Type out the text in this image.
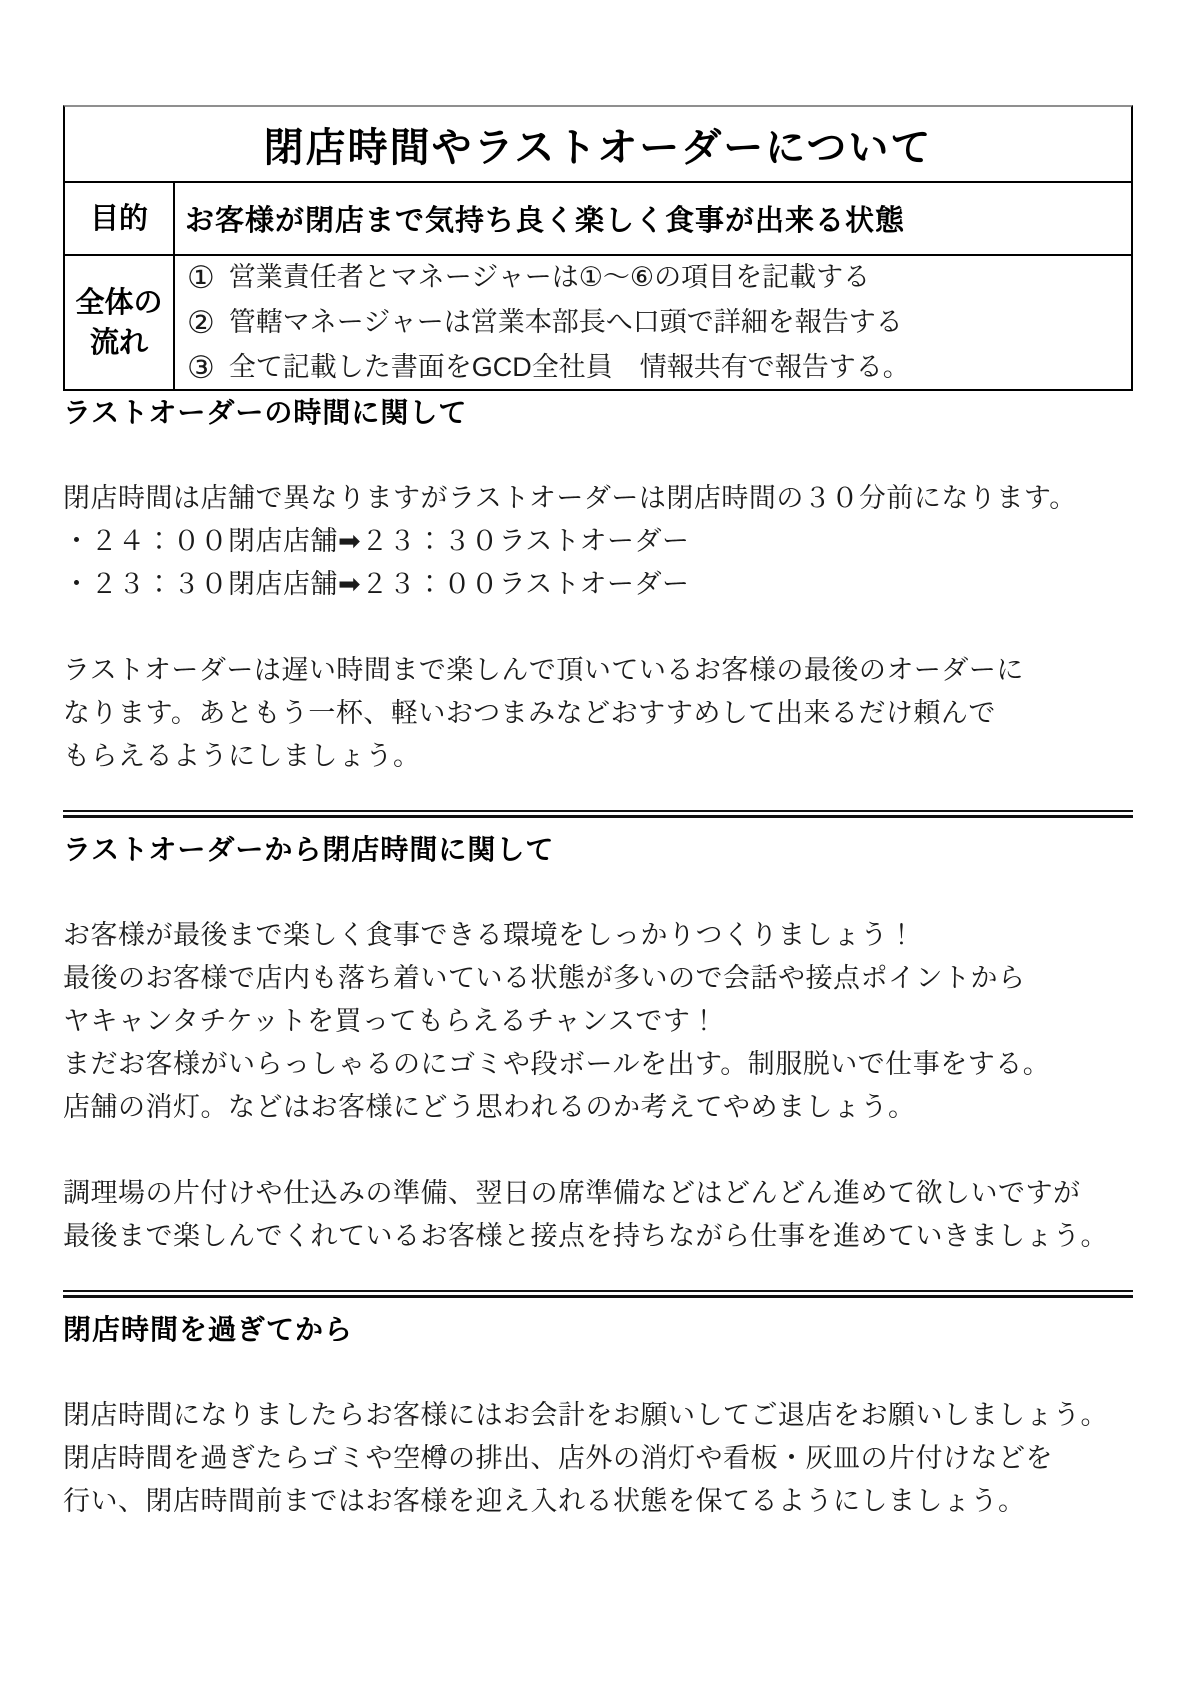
閉店時間やラストオーダーについて
目的	お客様が閉店まで気持ち良く楽しく食事が出来る状態
全体の
流れ
① 営業責任者とマネージャーは①～⑥の項目を記載する
② 管轄マネージャーは営業本部長へ口頭で詳細を報告する
③ 全て記載した書面をGCD全社員　情報共有で報告する。
ラストオーダーの時間に関して
閉店時間は店舗で異なりますがラストオーダーは閉店時間の３０分前になります。
・２４：００閉店店舗➡２３：３０ラストオーダー
・２３：３０閉店店舗➡２３：００ラストオーダー
ラストオーダーは遅い時間まで楽しんで頂いているお客様の最後のオーダーに
なります。あともう一杯、軽いおつまみなどおすすめして出来るだけ頼んで
もらえるようにしましょう。
ラストオーダーから閉店時間に関して
お客様が最後まで楽しく食事できる環境をしっかりつくりましょう！
最後のお客様で店内も落ち着いている状態が多いので会話や接点ポイントから
ヤキャンタチケットを買ってもらえるチャンスです！
まだお客様がいらっしゃるのにゴミや段ボールを出す。制服脱いで仕事をする。
店舗の消灯。などはお客様にどう思われるのか考えてやめましょう。
調理場の片付けや仕込みの準備、翌日の席準備などはどんどん進めて欲しいですが
最後まで楽しんでくれているお客様と接点を持ちながら仕事を進めていきましょう。
閉店時間を過ぎてから
閉店時間になりましたらお客様にはお会計をお願いしてご退店をお願いしましょう。
閉店時間を過ぎたらゴミや空樽の排出、店外の消灯や看板・灰皿の片付けなどを
行い、閉店時間前まではお客様を迎え入れる状態を保てるようにしましょう。
